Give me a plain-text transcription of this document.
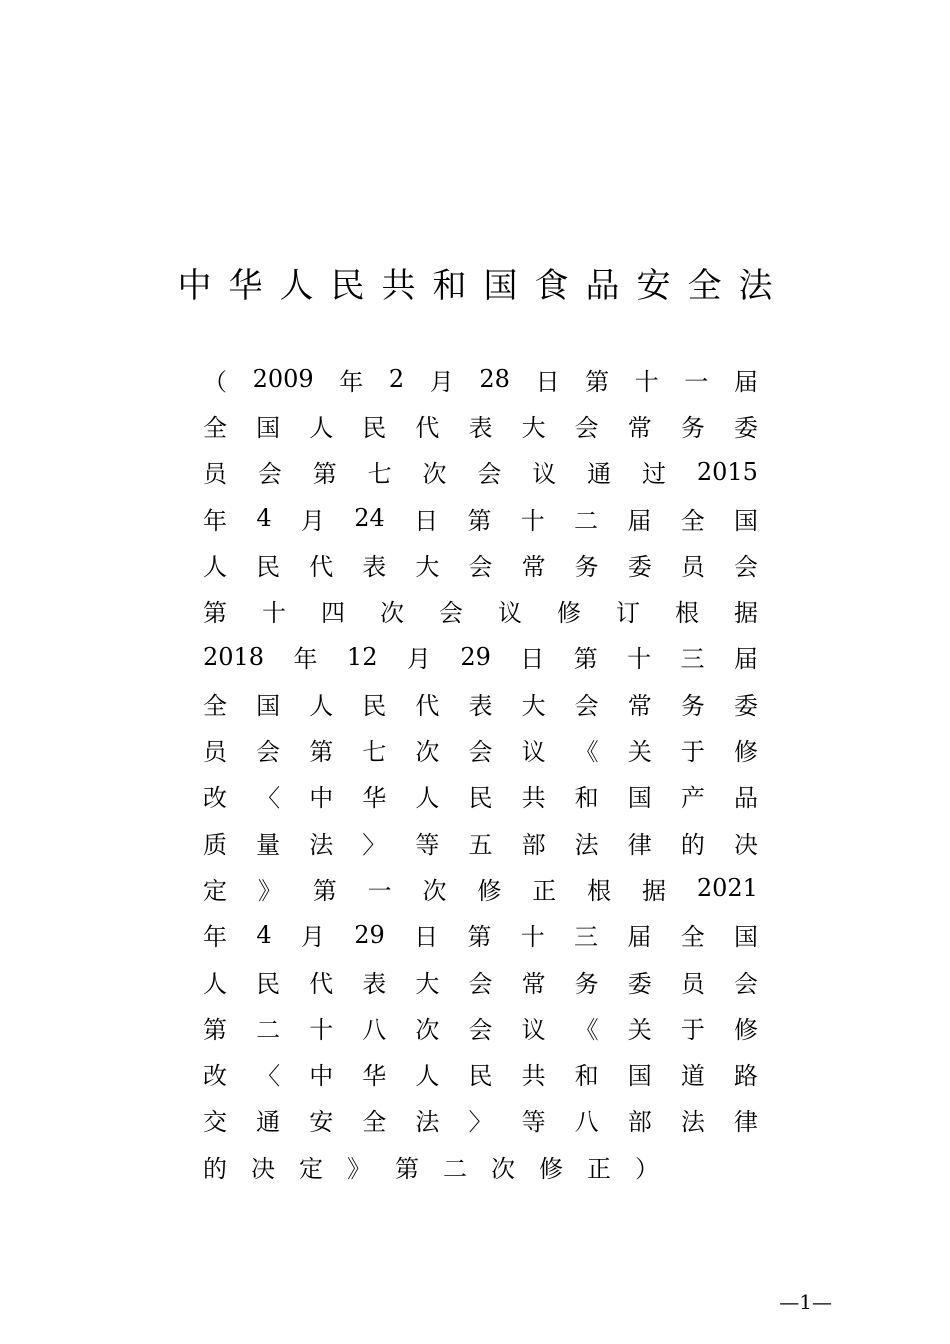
中华人民共和国食品安全法
（ 2009 年 2 月 28 日 第 十 一 届
全 国 人 民 代 表 大 会 常 务 委
员 会 第 七 次 会 议 通 过 2015
年 4 月 24 日 第 十 二 届 全 国
人 民 代 表 大 会 常 务 委 员 会
第 十 四 次 会 议 修 订 根 据
2018 年 12 月 29 日 第 十 三 届
全 国 人 民 代 表 大 会 常 务 委
员 会 第 七 次 会 议 《 关 于 修
改 〈 中 华 人 民 共 和 国 产 品
质 量 法 〉 等 五 部 法 律 的 决
定 》 第 一 次 修 正 根 据 2021
年 4 月 29 日 第 十 三 届 全 国
人 民 代 表 大 会 常 务 委 员 会
第 二 十 八 次 会 议 《 关 于 修
改 〈 中 华 人 民 共 和 国 道 路
交 通 安 全 法 〉 等 八 部 法 律
的 决 定 》 第 二 次 修 正 ）
—1—
